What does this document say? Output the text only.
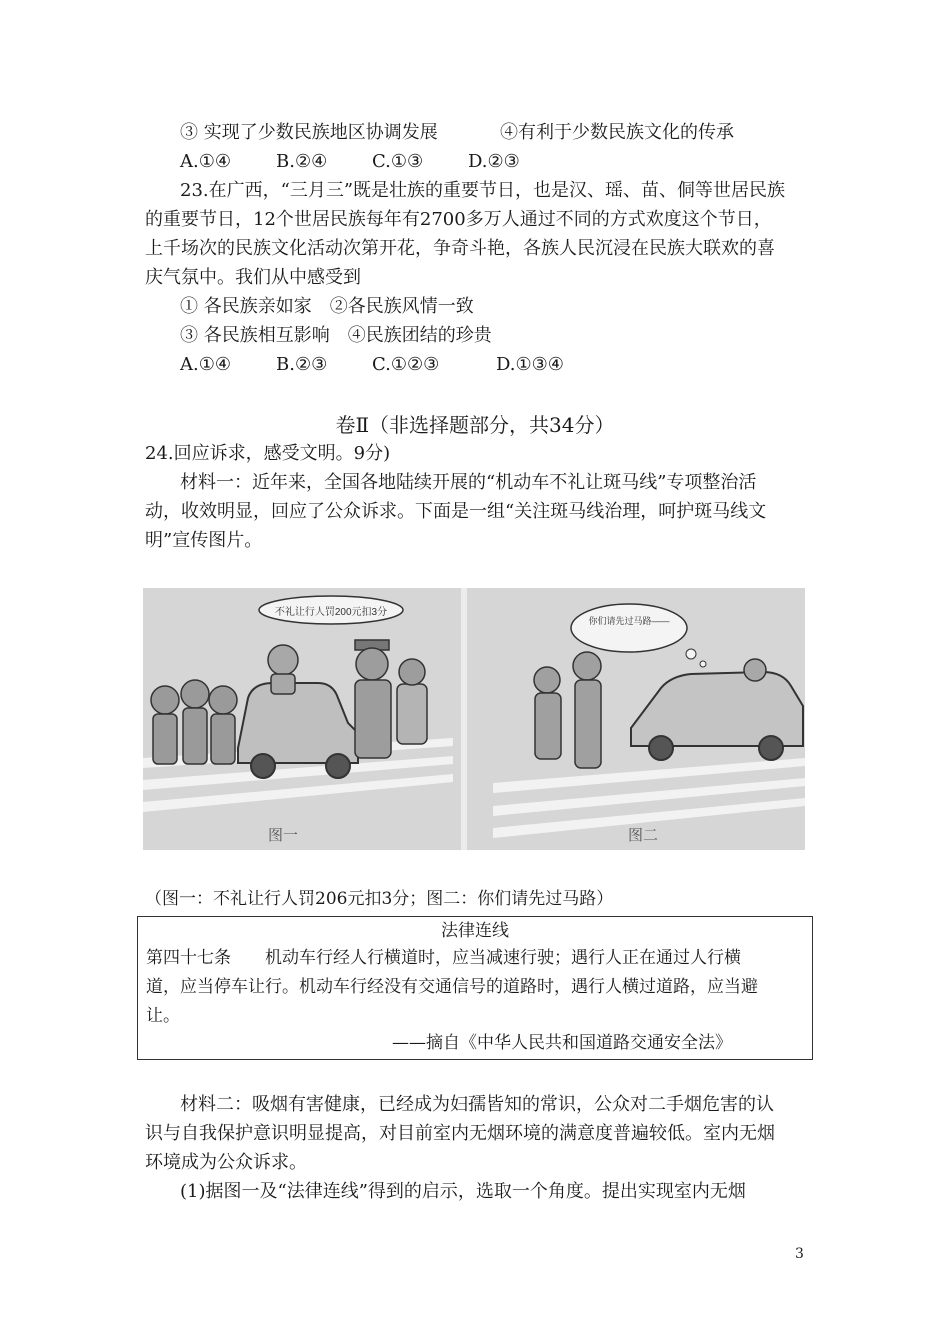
③ 实现了少数民族地区协调发展	④有利于少数民族文化的传承
A.①④	B.②④ C.①③ D.②③
23.在广西，“三月三”既是壮族的重要节日，也是汉、瑶、苗、侗等世居民族
的重要节日，12个世居民族每年有2700多万人通过不同的方式欢度这个节日，
上千场次的民族文化活动次第开花，争奇斗艳，各族人民沉浸在民族大联欢的喜
庆气氛中。我们从中感受到
① 各民族亲如家　②各民族风情一致
③ 各民族相互影响　④民族团结的珍贵
A.①④	B.②③ C.①②③	D.①③④
卷Ⅱ（非选择题部分，共34分）
24.回应诉求，感受文明。9分)
材料一：近年来，全国各地陆续开展的“机动车不礼让斑马线”专项整治活
动，收效明显，回应了公众诉求。下面是一组“关注斑马线治理，呵护斑马线文
明”宣传图片。
不礼让行人罚200元扣3分
图一
你们请先过马路——
图二
（图一：不礼让行人罚206元扣3分；图二：你们请先过马路）
法律连线
第四十七条　　机动车行经人行横道时，应当减速行驶；遇行人正在通过人行横
道，应当停车让行。机动车行经没有交通信号的道路时，遇行人横过道路，应当避
让。
——摘自《中华人民共和国道路交通安全法》
材料二：吸烟有害健康，已经成为妇孺皆知的常识，公众对二手烟危害的认
识与自我保护意识明显提高，对目前室内无烟环境的满意度普遍较低。室内无烟
环境成为公众诉求。
(1)据图一及“法律连线”得到的启示，选取一个角度。提出实现室内无烟
3
